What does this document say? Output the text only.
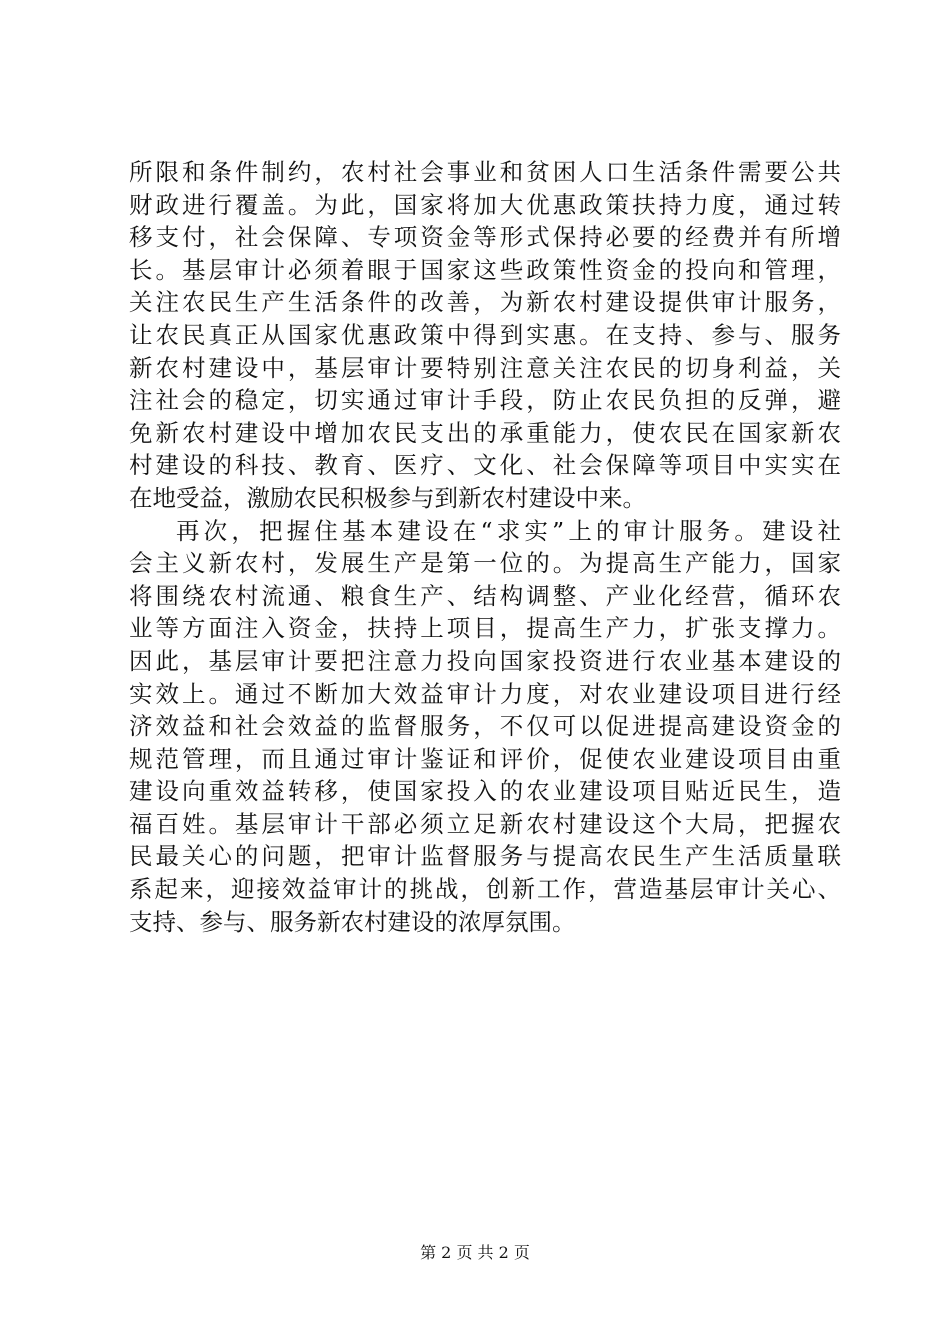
所限和条件制约，农村社会事业和贫困人口生活条件需要公共
财政进行覆盖。为此，国家将加大优惠政策扶持力度，通过转
移支付，社会保障、专项资金等形式保持必要的经费并有所增
长。基层审计必须着眼于国家这些政策性资金的投向和管理，
关注农民生产生活条件的改善，为新农村建设提供审计服务，
让农民真正从国家优惠政策中得到实惠。在支持、参与、服务
新农村建设中，基层审计要特别注意关注农民的切身利益，关
注社会的稳定，切实通过审计手段，防止农民负担的反弹，避
免新农村建设中增加农民支出的承重能力，使农民在国家新农
村建设的科技、教育、医疗、文化、社会保障等项目中实实在
在地受益，激励农民积极参与到新农村建设中来。
再次，把握住基本建设在“求实”上的审计服务。建设社
会主义新农村，发展生产是第一位的。为提高生产能力，国家
将围绕农村流通、粮食生产、结构调整、产业化经营，循环农
业等方面注入资金，扶持上项目，提高生产力，扩张支撑力。
因此，基层审计要把注意力投向国家投资进行农业基本建设的
实效上。通过不断加大效益审计力度，对农业建设项目进行经
济效益和社会效益的监督服务，不仅可以促进提高建设资金的
规范管理，而且通过审计鉴证和评价，促使农业建设项目由重
建设向重效益转移，使国家投入的农业建设项目贴近民生，造
福百姓。基层审计干部必须立足新农村建设这个大局，把握农
民最关心的问题，把审计监督服务与提高农民生产生活质量联
系起来，迎接效益审计的挑战，创新工作，营造基层审计关心、
支持、参与、服务新农村建设的浓厚氛围。
第 2 页 共 2 页
